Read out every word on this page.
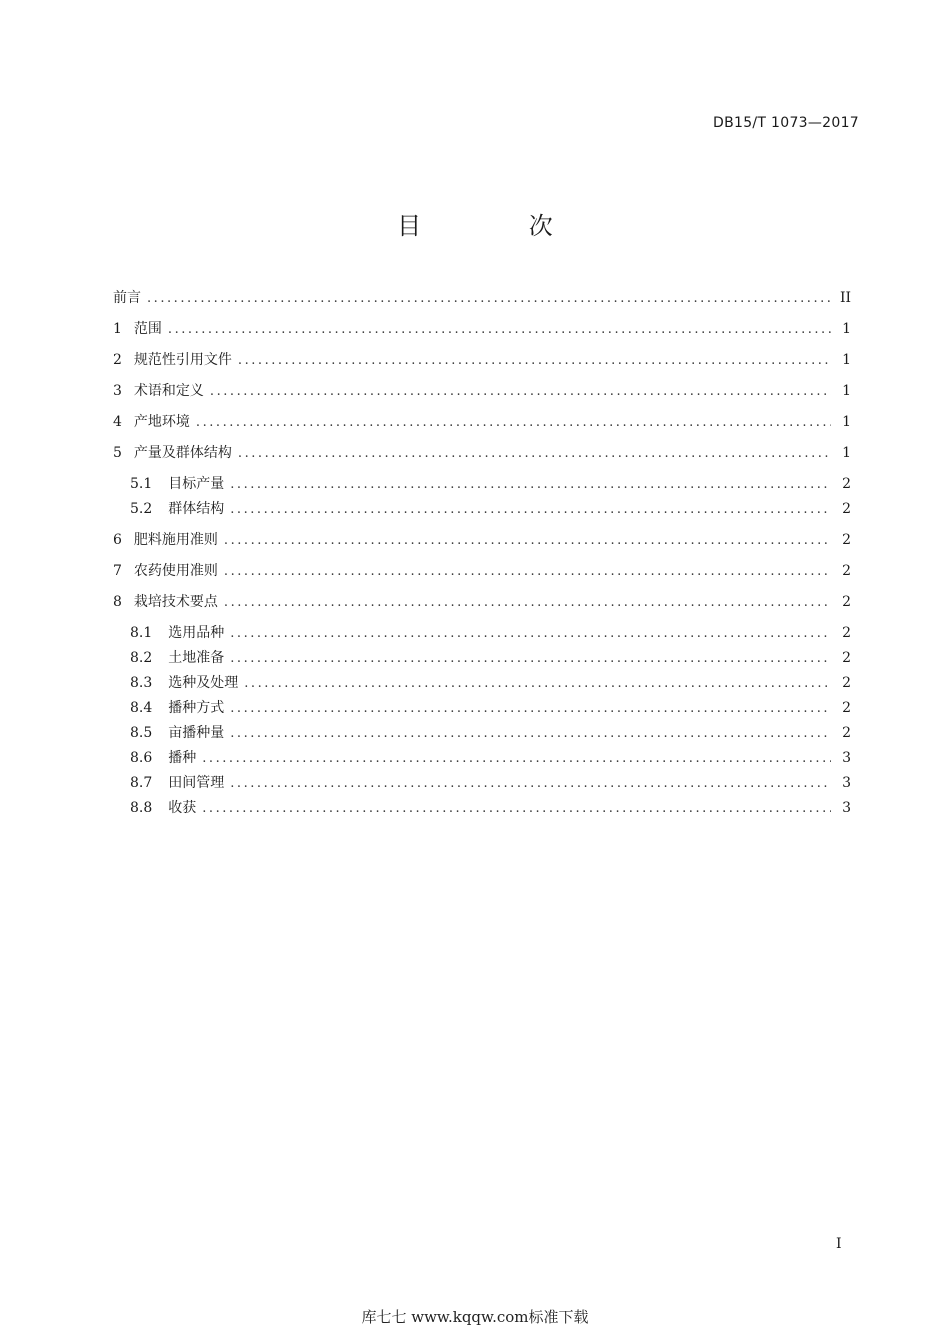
DB15/T 1073—2017
目 次
前言 . . .	II
1 范围 . . .	1
2 规范性引用文件 . . .	1
3 术语和定义 . . .	1
4 产地环境 . . .	1
5 产量及群体结构 . . .	1
5.1 目标产量 . . .	2
5.2 群体结构 . . .	2
6 肥料施用准则 . . .	2
7 农药使用准则 . . .	2
8 栽培技术要点 . . .	2
8.1 选用品种 . . .	2
8.2 土地准备 . . .	2
8.3 选种及处理 . . .	2
8.4 播种方式 . . .	2
8.5 亩播种量 . . .	2
8.6 播种 . . .	3
8.7 田间管理 . . .	3
8.8 收获 . . .	3
I
库七七 www.kqqw.com标准下载
